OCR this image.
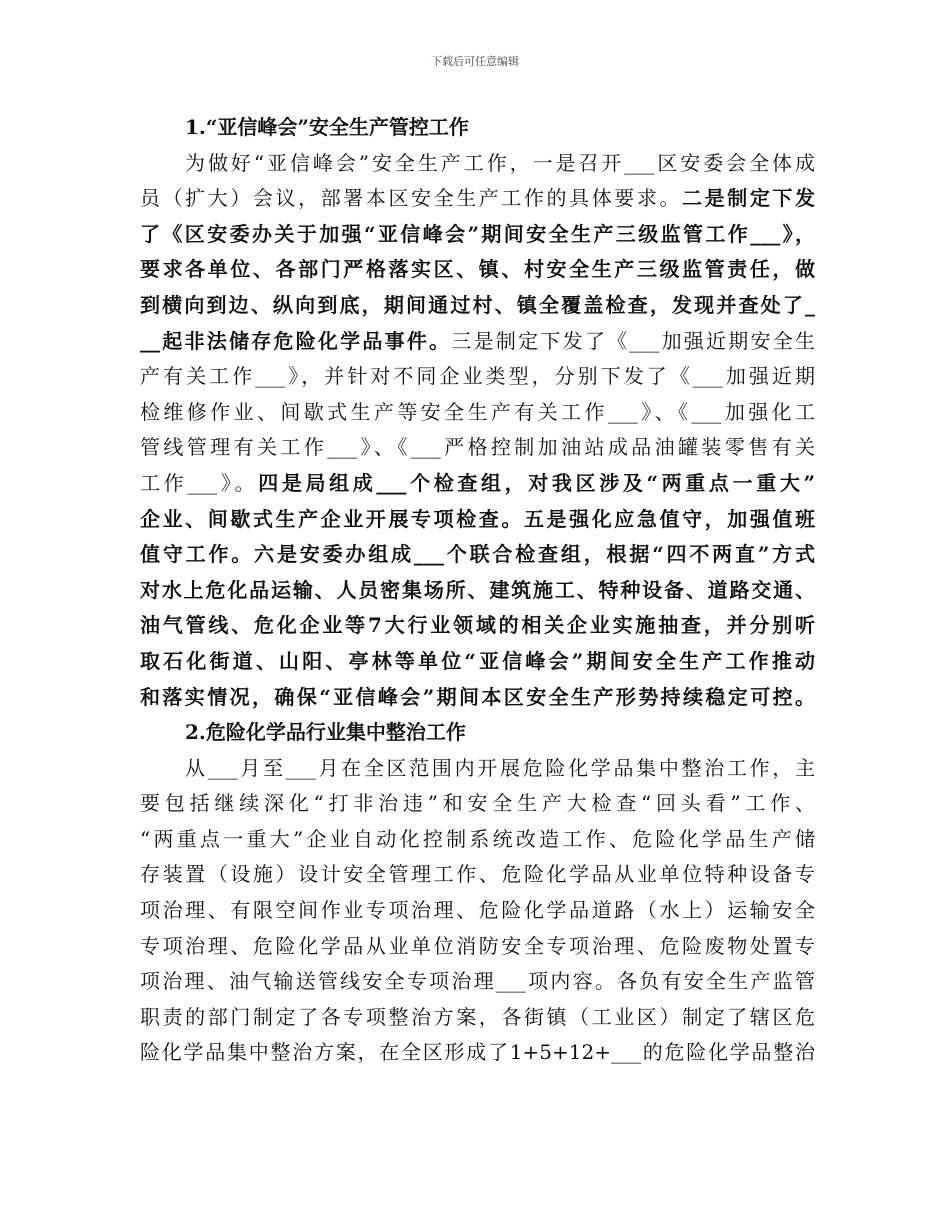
下载后可任意编辑
1.“亚信峰会”安全生产管控工作
为做好“亚信峰会”安全生产工作，一是召开___区安委会全体成
员（扩大）会议，部署本区安全生产工作的具体要求。二是制定下发
了《区安委办关于加强“亚信峰会”期间安全生产三级监管工作___》，
要求各单位、各部门严格落实区、镇、村安全生产三级监管责任，做
到横向到边、纵向到底，期间通过村、镇全覆盖检查，发现并查处了_
__起非法储存危险化学品事件。三是制定下发了《___加强近期安全生
产有关工作___》，并针对不同企业类型，分别下发了《___加强近期
检维修作业、间歇式生产等安全生产有关工作___》、《___加强化工
管线管理有关工作___》、《___严格控制加油站成品油罐装零售有关
工作___》。四是局组成___个检查组，对我区涉及“两重点一重大”
企业、间歇式生产企业开展专项检查。五是强化应急值守，加强值班
值守工作。六是安委办组成___个联合检查组，根据“四不两直”方式
对水上危化品运输、人员密集场所、建筑施工、特种设备、道路交通、
油气管线、危化企业等7大行业领域的相关企业实施抽查，并分别听
取石化街道、山阳、亭林等单位“亚信峰会”期间安全生产工作推动
和落实情况，确保“亚信峰会”期间本区安全生产形势持续稳定可控。
2.危险化学品行业集中整治工作
从___月至___月在全区范围内开展危险化学品集中整治工作，主
要包括继续深化“打非治违”和安全生产大检查“回头看”工作、
“两重点一重大”企业自动化控制系统改造工作、危险化学品生产储
存装置（设施）设计安全管理工作、危险化学品从业单位特种设备专
项治理、有限空间作业专项治理、危险化学品道路（水上）运输安全
专项治理、危险化学品从业单位消防安全专项治理、危险废物处置专
项治理、油气输送管线安全专项治理___项内容。各负有安全生产监管
职责的部门制定了各专项整治方案，各街镇（工业区）制定了辖区危
险化学品集中整治方案，在全区形成了1+5+12+___的危险化学品整治
